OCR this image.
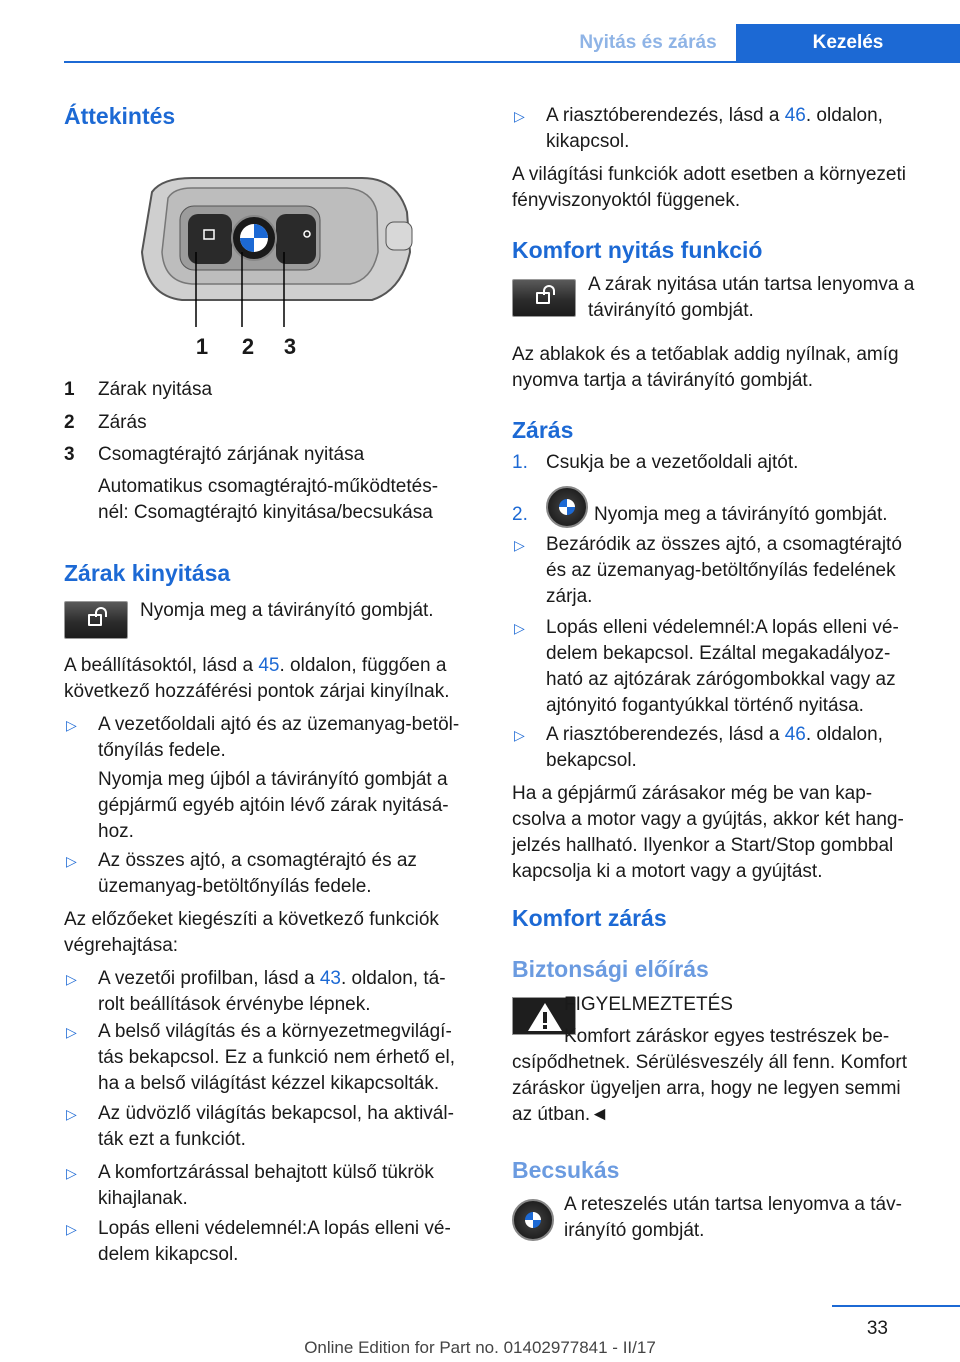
Nyitás és zárás	Kezelés
Áttekintés
1 2 3
1 Zárak nyitása
2 Zárás
3 Csomagtérajtó zárjának nyitása
Automatikus csomagtérajtó-működtetés-
nél: Csomagtérajtó kinyitása/becsukása
Zárak kinyitása
Nyomja meg a távirányító gombját.
A beállításoktól, lásd a 45. oldalon, függően a
következő hozzáférési pontok zárjai kinyílnak.
▷ A vezetőoldali ajtó és az üzemanyag-betöl-
tőnyílás fedele.
Nyomja meg újból a távirányító gombját a
gépjármű egyéb ajtóin lévő zárak nyitásá-
hoz.
▷ Az összes ajtó, a csomagtérajtó és az
üzemanyag-betöltőnyílás fedele.
Az előzőeket kiegészíti a következő funkciók
végrehajtása:
▷ A vezetői profilban, lásd a 43. oldalon, tá-
rolt beállítások érvénybe lépnek.
▷ A belső világítás és a környezetmegvilágí-
tás bekapcsol. Ez a funkció nem érhető el,
ha a belső világítást kézzel kikapcsolták.
▷ Az üdvözlő világítás bekapcsol, ha aktivál-
ták ezt a funkciót.
▷ A komfortzárással behajtott külső tükrök
kihajlanak.
▷ Lopás elleni védelemnél:A lopás elleni vé-
delem kikapcsol.
▷ A riasztóberendezés, lásd a 46. oldalon,
kikapcsol.
A világítási funkciók adott esetben a környezeti
fényviszonyoktól függenek.
Komfort nyitás funkció
A zárak nyitása után tartsa lenyomva a
távirányító gombját.
Az ablakok és a tetőablak addig nyílnak, amíg
nyomva tartja a távirányító gombját.
Zárás
1. Csukja be a vezetőoldali ajtót.
2.	Nyomja meg a távirányító gombját.
▷ Bezáródik az összes ajtó, a csomagtérajtó
és az üzemanyag-betöltőnyílás fedelének
zárja.
▷ Lopás elleni védelemnél:A lopás elleni vé-
delem bekapcsol. Ezáltal megakadályoz-
ható az ajtózárak zárógombokkal vagy az
ajtónyitó fogantyúkkal történő nyitása.
▷ A riasztóberendezés, lásd a 46. oldalon,
bekapcsol.
Ha a gépjármű zárásakor még be van kap-
csolva a motor vagy a gyújtás, akkor két hang-
jelzés hallható. Ilyenkor a Start/Stop gombbal
kapcsolja ki a motort vagy a gyújtást.
Komfort zárás
Biztonsági előírás
FIGYELMEZTETÉS
Komfort záráskor egyes testrészek be-
csípődhetnek. Sérülésveszély áll fenn. Komfort
záráskor ügyeljen arra, hogy ne legyen semmi
az útban.◄
Becsukás
A reteszelés után tartsa lenyomva a táv-
irányító gombját.
33
Online Edition for Part no. 01402977841 - II/17
